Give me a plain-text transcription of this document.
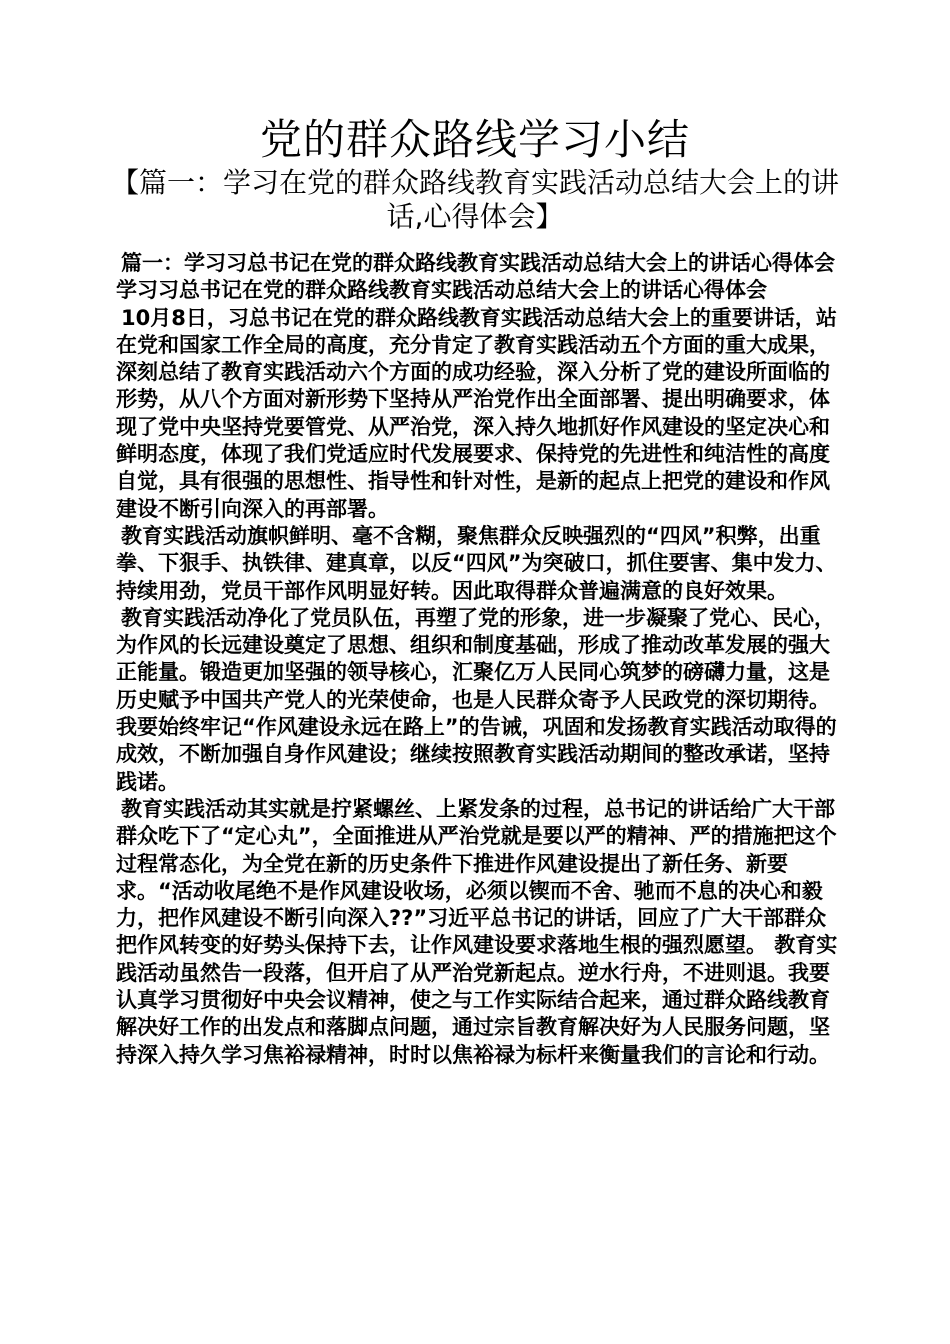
党的群众路线学习小结
【篇一：学习在党的群众路线教育实践活动总结大会上的讲话,心得体会】

篇一：学习习总书记在党的群众路线教育实践活动总结大会上的讲话心得体会 学习习总书记在党的群众路线教育实践活动总结大会上的讲话心得体会

10月8日，习总书记在党的群众路线教育实践活动总结大会上的重要讲话，站在党和国家工作全局的高度，充分肯定了教育实践活动五个方面的重大成果，深刻总结了教育实践活动六个方面的成功经验，深入分析了党的建设所面临的形势，从八个方面对新形势下坚持从严治党作出全面部署、提出明确要求，体现了党中央坚持党要管党、从严治党，深入持久地抓好作风建设的坚定决心和鲜明态度，体现了我们党适应时代发展要求、保持党的先进性和纯洁性的高度自觉，具有很强的思想性、指导性和针对性，是新的起点上把党的建设和作风建设不断引向深入的再部署。

教育实践活动旗帜鲜明、毫不含糊，聚焦群众反映强烈的“四风”积弊，出重拳、下狠手、执铁律、建真章，以反“四风”为突破口，抓住要害、集中发力、持续用劲，党员干部作风明显好转。因此取得群众普遍满意的良好效果。

教育实践活动净化了党员队伍，再塑了党的形象，进一步凝聚了党心、民心，为作风的长远建设奠定了思想、组织和制度基础，形成了推动改革发展的强大正能量。锻造更加坚强的领导核心，汇聚亿万人民同心筑梦的磅礴力量，这是历史赋予中国共产党人的光荣使命，也是人民群众寄予人民政党的深切期待。我要始终牢记“作风建设永远在路上”的告诫，巩固和发扬教育实践活动取得的成效，不断加强自身作风建设；继续按照教育实践活动期间的整改承诺，坚持践诺。

教育实践活动其实就是拧紧螺丝、上紧发条的过程，总书记的讲话给广大干部群众吃下了“定心丸”，全面推进从严治党就是要以严的精神、严的措施把这个过程常态化，为全党在新的历史条件下推进作风建设提出了新任务、新要求。“活动收尾绝不是作风建设收场，必须以锲而不舍、驰而不息的决心和毅力，把作风建设不断引向深入??”习近平总书记的讲话，回应了广大干部群众把作风转变的好势头保持下去，让作风建设要求落地生根的强烈愿望。 教育实践活动虽然告一段落，但开启了从严治党新起点。逆水行舟，不进则退。我要认真学习贯彻好中央会议精神，使之与工作实际结合起来，通过群众路线教育解决好工作的出发点和落脚点问题，通过宗旨教育解决好为人民服务问题，坚持深入持久学习焦裕禄精神，时时以焦裕禄为标杆来衡量我们的言论和行动。
